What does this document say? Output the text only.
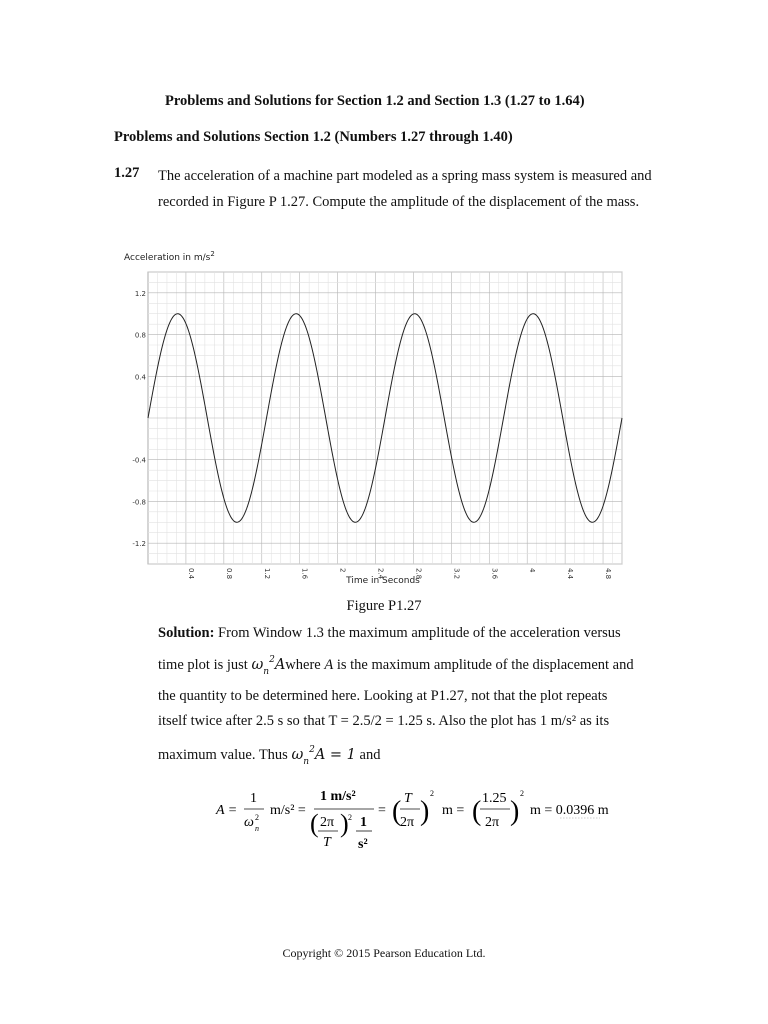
Problems and Solutions for Section 1.2 and Section 1.3 (1.27 to 1.64)
Problems and Solutions Section 1.2 (Numbers 1.27 through 1.40)
1.27 The acceleration of a machine part modeled as a spring mass system is measured and recorded in Figure P 1.27. Compute the amplitude of the displacement of the mass.
Acceleration in $m/s^2$
1.2
0.8
0.4
-0.4
-0.8
-1.2
0.4	0.8	1.2	1.6	2	2.4	2.8	3.2	3.6	4	4.4	4.8
Time in Seconds
Figure P1.27
Solution: From Window 1.3 the maximum amplitude of the acceleration versus
time plot is just $\omega_n^2Awhere$ A is the maximum amplitude of the displacement and
the quantity to be determined here. Looking at P1.27, not that the plot repeats
itself twice after 2.5 s so that T = 2.5/2 = 1.25 s. Also the plot has 1 m/s² as its
maximum value. Thus $\omega_n^2A = 1$ and
A =
1
ω n
2 m/s² =
1 m/s²
( 2π
T
) 2 1
s²
= ( T
2π )
2
m = ( 1.25
2π )
2
m = 0.0396 m
Copyright © 2015 Pearson Education Ltd.
